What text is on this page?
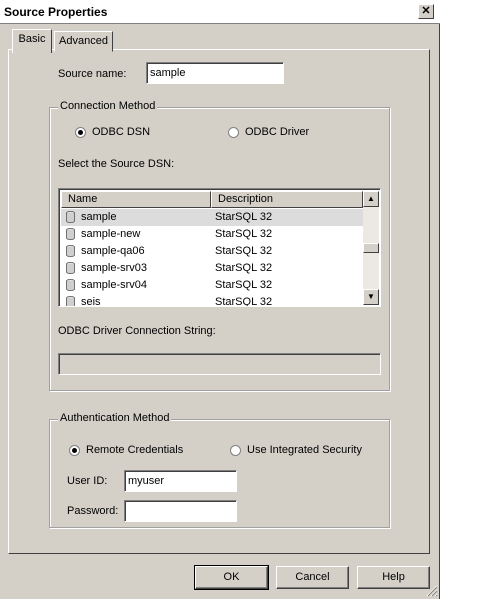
Source Properties	✕
Basic	Advanced
Source name:	sample
Connection Method
ODBC DSN	ODBC Driver
Select the Source DSN:
Name	Description
sample	StarSQL 32
sample-new	StarSQL 32
sample-qa06	StarSQL 32
sample-srv03	StarSQL 32
sample-srv04	StarSQL 32
seis	StarSQL 32
▲
▼
ODBC Driver Connection String:
Authentication Method
Remote Credentials	Use Integrated Security
User ID:	myuser
Password:
OK	Cancel	Help
